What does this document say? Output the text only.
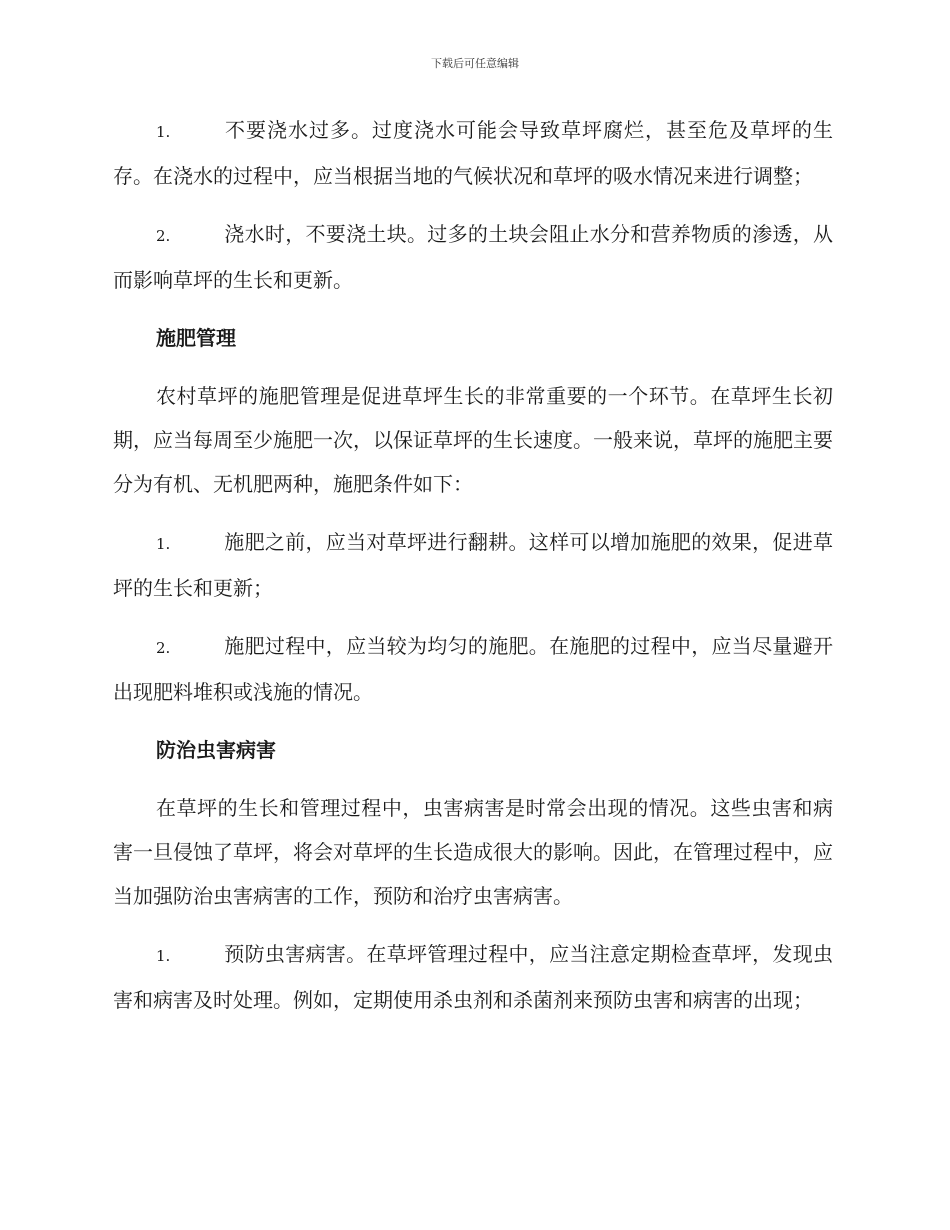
下载后可任意编辑

1.	不要浇水过多。过度浇水可能会导致草坪腐烂，甚至危及草坪的生存。在浇水的过程中，应当根据当地的气候状况和草坪的吸水情况来进行调整；

2.	浇水时，不要浇土块。过多的土块会阻止水分和营养物质的渗透，从而影响草坪的生长和更新。

施肥管理

农村草坪的施肥管理是促进草坪生长的非常重要的一个环节。在草坪生长初期，应当每周至少施肥一次，以保证草坪的生长速度。一般来说，草坪的施肥主要分为有机、无机肥两种，施肥条件如下：

1.	施肥之前，应当对草坪进行翻耕。这样可以增加施肥的效果，促进草坪的生长和更新；

2.	施肥过程中，应当较为均匀的施肥。在施肥的过程中，应当尽量避开出现肥料堆积或浅施的情况。

防治虫害病害

在草坪的生长和管理过程中，虫害病害是时常会出现的情况。这些虫害和病害一旦侵蚀了草坪，将会对草坪的生长造成很大的影响。因此，在管理过程中，应当加强防治虫害病害的工作，预防和治疗虫害病害。

1.	预防虫害病害。在草坪管理过程中，应当注意定期检查草坪，发现虫害和病害及时处理。例如，定期使用杀虫剂和杀菌剂来预防虫害和病害的出现；
